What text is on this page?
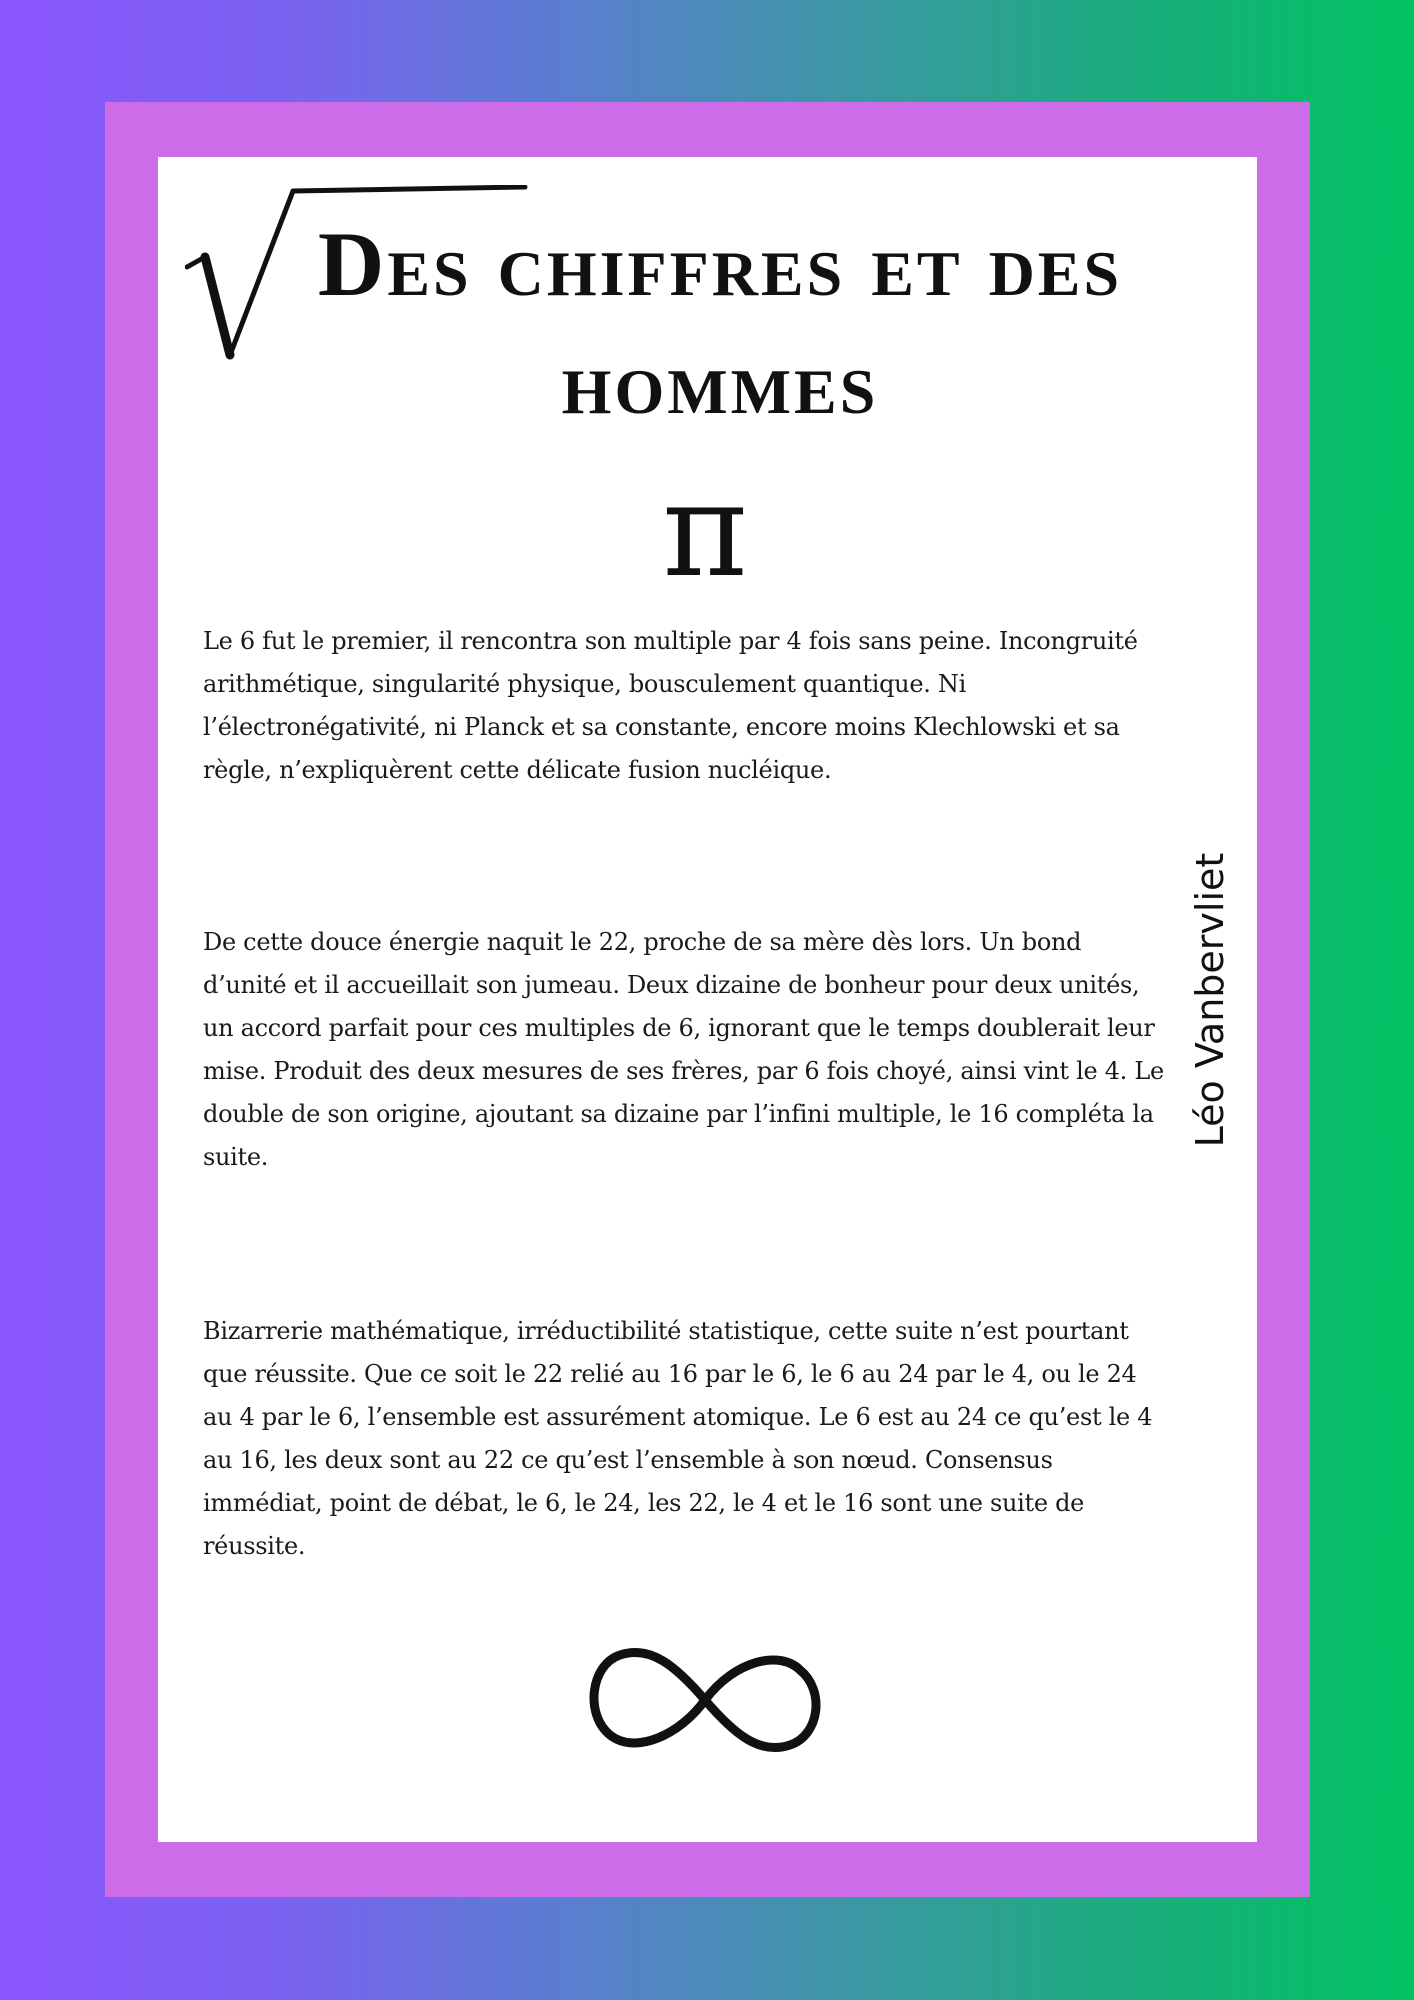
Des chiffres et des hommes
π

Le 6 fut le premier, il rencontra son multiple par 4 fois sans peine. Incongruité arithmétique, singularité physique, bousculement quantique. Ni l’électronégativité, ni Planck et sa constante, encore moins Klechlowski et sa règle, n’expliquèrent cette délicate fusion nucléique.

De cette douce énergie naquit le 22, proche de sa mère dès lors. Un bond d’unité et il accueillait son jumeau. Deux dizaine de bonheur pour deux unités, un accord parfait pour ces multiples de 6, ignorant que le temps doublerait leur mise. Produit des deux mesures de ses frères, par 6 fois choyé, ainsi vint le 4. Le double de son origine, ajoutant sa dizaine par l’infini multiple, le 16 compléta la suite.

Bizarrerie mathématique, irréductibilité statistique, cette suite n’est pourtant que réussite. Que ce soit le 22 relié au 16 par le 6, le 6 au 24 par le 4, ou le 24 au 4 par le 6, l’ensemble est assurément atomique. Le 6 est au 24 ce qu’est le 4 au 16, les deux sont au 22 ce qu’est l’ensemble à son nœud. Consensus immédiat, point de débat, le 6, le 24, les 22, le 4 et le 16 sont une suite de réussite.

Léo Vanbervliet
